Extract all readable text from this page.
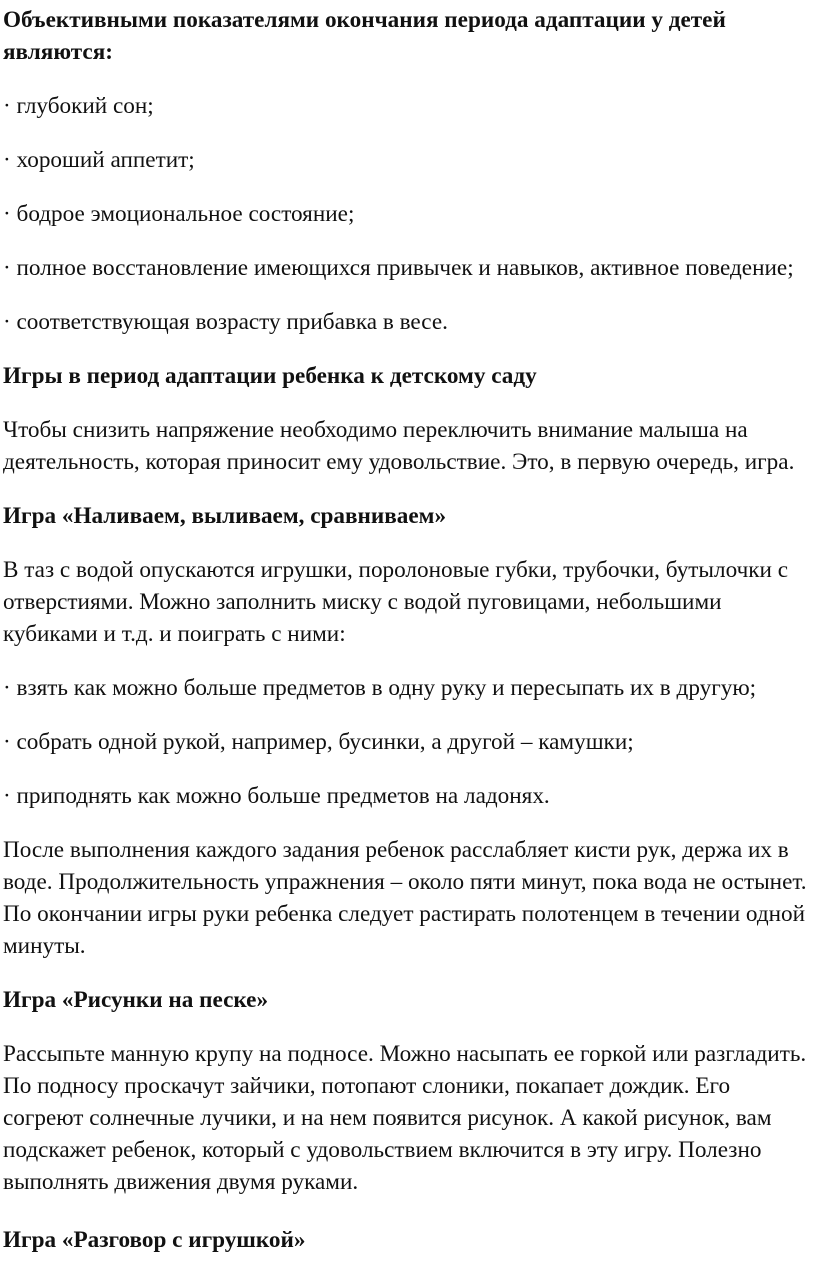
Объективными показателями окончания периода адаптации у детей являются:

· глубокий сон;

· хороший аппетит;

· бодрое эмоциональное состояние;

· полное восстановление имеющихся привычек и навыков, активное поведение;

· соответствующая возрасту прибавка в весе.

Игры в период адаптации ребенка к детскому саду

Чтобы снизить напряжение необходимо переключить внимание малыша на деятельность, которая приносит ему удовольствие. Это, в первую очередь, игра.

Игра «Наливаем, выливаем, сравниваем»

В таз с водой опускаются игрушки, поролоновые губки, трубочки, бутылочки с отверстиями. Можно заполнить миску с водой пуговицами, небольшими кубиками и т.д. и поиграть с ними:

· взять как можно больше предметов в одну руку и пересыпать их в другую;

· собрать одной рукой, например, бусинки, а другой – камушки;

· приподнять как можно больше предметов на ладонях.

После выполнения каждого задания ребенок расслабляет кисти рук, держа их в воде. Продолжительность упражнения – около пяти минут, пока вода не остынет. По окончании игры руки ребенка следует растирать полотенцем в течении одной минуты.

Игра «Рисунки на песке»

Рассыпьте манную крупу на подносе. Можно насыпать ее горкой или разгладить. По подносу проскачут зайчики, потопают слоники, покапает дождик. Его согреют солнечные лучики, и на нем появится рисунок. А какой рисунок, вам подскажет ребенок, который с удовольствием включится в эту игру. Полезно выполнять движения двумя руками.

Игра «Разговор с игрушкой»
